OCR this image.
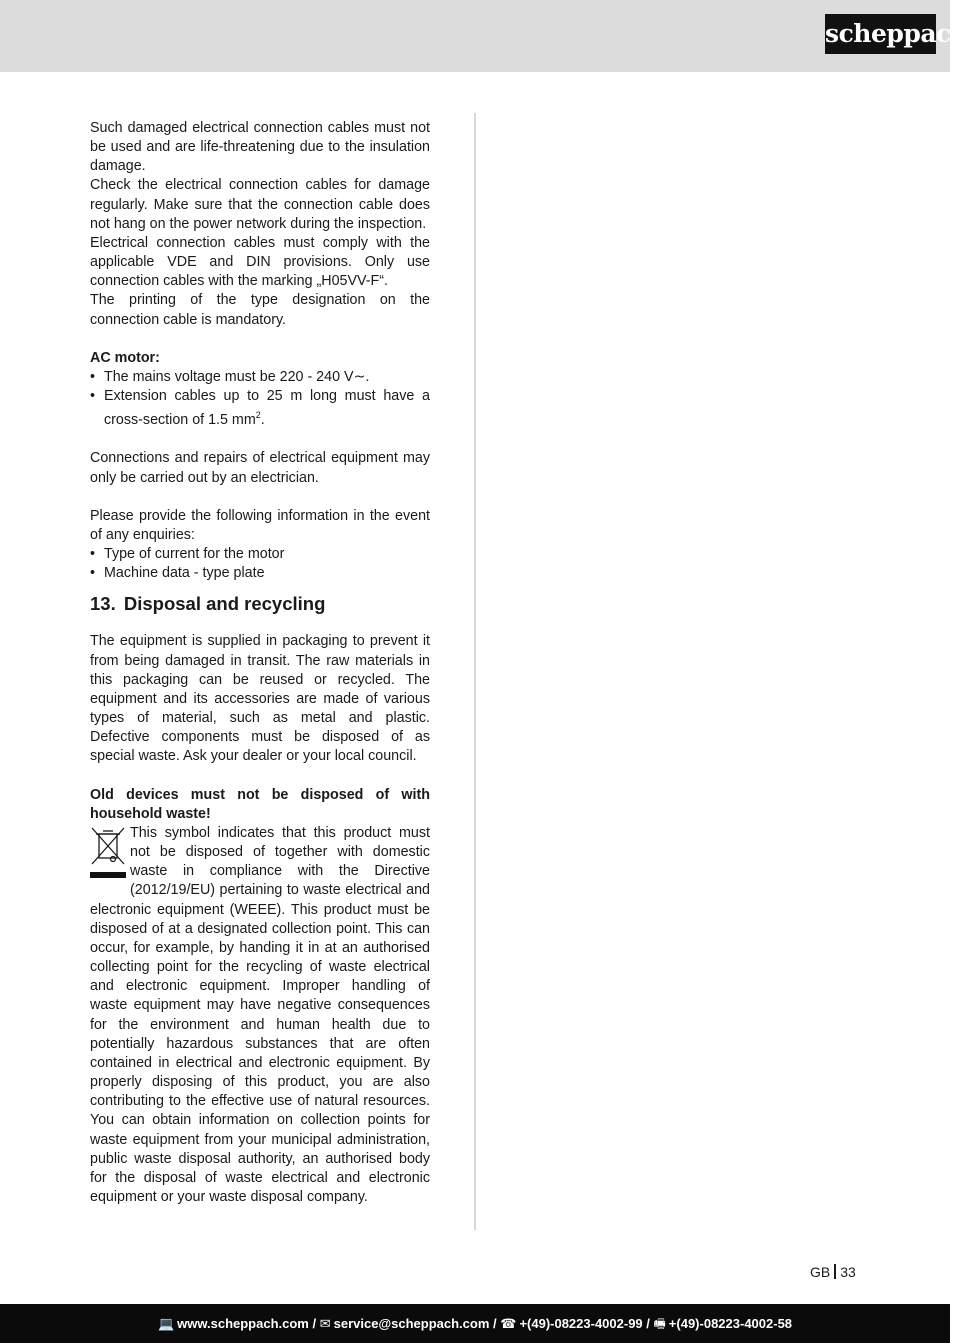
scheppach

Such damaged electrical connection cables must not be used and are life-threatening due to the insulation damage.

Check the electrical connection cables for damage regularly. Make sure that the connection cable does not hang on the power network during the inspection.

Electrical connection cables must comply with the applicable VDE and DIN provisions. Only use connection cables with the marking „H05VV-F“.

The printing of the type designation on the connection cable is mandatory.

AC motor:

• The mains voltage must be 220 - 240 V∼.
• Extension cables up to 25 m long must have a cross-section of 1.5 $mm^2$.

Connections and repairs of electrical equipment may only be carried out by an electrician.

Please provide the following information in the event of any enquiries:

• Type of current for the motor
• Machine data - type plate
13. Disposal and recycling

The equipment is supplied in packaging to prevent it from being damaged in transit. The raw materials in this packaging can be reused or recycled. The equipment and its accessories are made of various types of material, such as metal and plastic. Defective components must be disposed of as special waste. Ask your dealer or your local council.

Old devices must not be disposed of with household waste!

This symbol indicates that this product must not be disposed of together with domestic waste in compliance with the Directive (2012/19/EU) pertaining to waste electrical and electronic equipment (WEEE). This product must be disposed of at a designated collection point. This can occur, for example, by handing it in at an authorised collecting point for the recycling of waste electrical and electronic equipment. Improper handling of waste equipment may have negative consequences for the environment and human health due to potentially hazardous substances that are often contained in electrical and electronic equipment. By properly disposing of this product, you are also contributing to the effective use of natural resources. You can obtain information on collection points for waste equipment from your municipal administration, public waste disposal authority, an authorised body for the disposal of waste electrical and electronic equipment or your waste disposal company.

GB 33
💻 www.scheppach.com / ✉ service@scheppach.com / ☎ +(49)-08223-4002-99 / 🖷 +(49)-08223-4002-58
